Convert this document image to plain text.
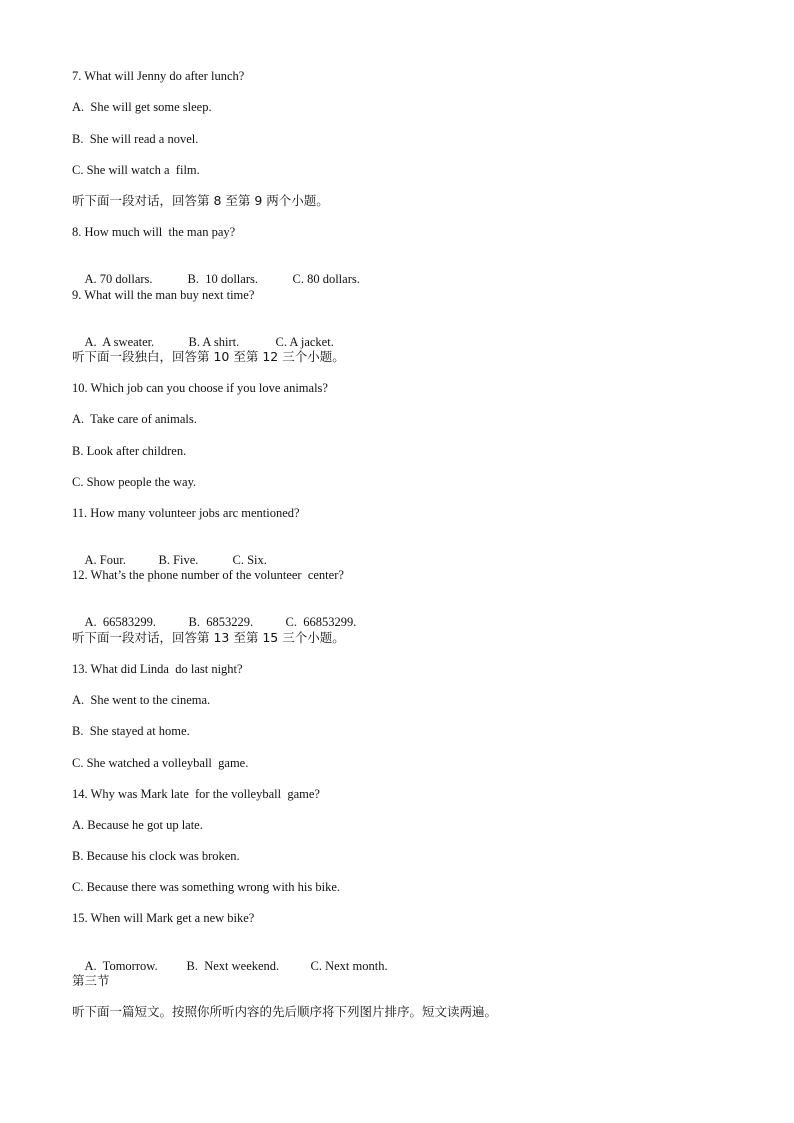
7. What will Jenny do after lunch?
A.  She will get some sleep.
B.  She will read a novel.
C. She will watch a  film.
听下面一段对话，回答第 8 至第 9 两个小题。
8. How much will  the man pay?

A. 70 dollars.	B.  10 dollars.	C. 80 dollars.

9. What will the man buy next time?

A.  A sweater.	B. A shirt.	C. A jacket.

听下面一段独白，回答第 10 至第 12 三个小题。
10. Which job can you choose if you love animals?
A.  Take care of animals.
B. Look after children.
C. Show people the way.
11. How many volunteer jobs arc mentioned?

A. Four.	B. Five.	C. Six.

12. What’s the phone number of the volunteer  center?

A.  66583299.	B.  6853229.	C.  66853299.

听下面一段对话，回答第 13 至第 15 三个小题。
13. What did Linda  do last night?
A.  She went to the cinema.
B.  She stayed at home.
C. She watched a volleyball  game.
14. Why was Mark late  for the volleyball  game?
A. Because he got up late.
B. Because his clock was broken.
C. Because there was something wrong with his bike.
15. When will Mark get a new bike?

A.  Tomorrow. B.  Next weekend.	C. Next month.

第三节
听下面一篇短文。按照你所听内容的先后顺序将下列图片排序。短文读两遍。
